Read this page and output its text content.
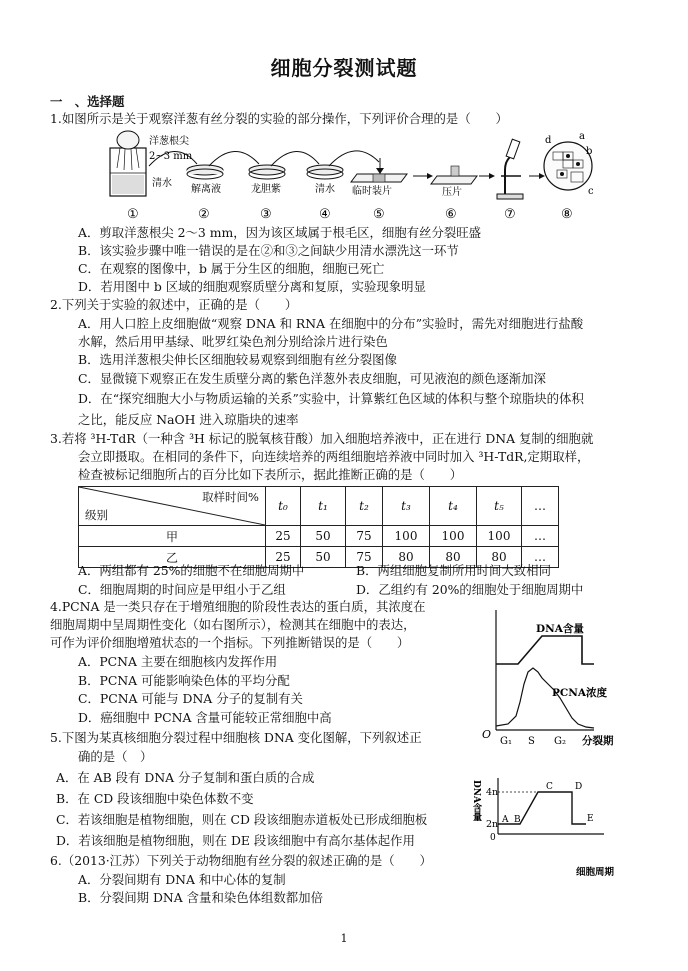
细胞分裂测试题
一　、选择题
1.如图所示是关于观察洋葱有丝分裂的实验的部分操作，下列评价合理的是（　　）
洋葱根尖
2~3 mm
清水
解离液	龙胆紫	清水 临时装片	压片
a
b
c
d
①	②	③	④	⑤	⑥	⑦	⑧
A．剪取洋葱根尖 2～3 mm，因为该区域属于根毛区，细胞有丝分裂旺盛
B．该实验步骤中唯一错误的是在②和③之间缺少用清水漂洗这一环节
C．在观察的图像中，b 属于分生区的细胞，细胞已死亡
D．若用图中 b 区域的细胞观察质壁分离和复原，实验现象明显
2.下列关于实验的叙述中，正确的是（　　）
A．用人口腔上皮细胞做“观察 DNA 和 RNA 在细胞中的分布”实验时，需先对细胞进行盐酸
水解，然后用甲基绿、吡罗红染色剂分别给涂片进行染色
B．选用洋葱根尖伸长区细胞较易观察到细胞有丝分裂图像
C．显微镜下观察正在发生质壁分离的紫色洋葱外表皮细胞，可见液泡的颜色逐渐加深
D．在“探究细胞大小与物质运输的关系”实验中，计算紫红色区域的体积与整个琼脂块的体积
之比，能反应 NaOH 进入琼脂块的速率
3.若将 ³H-TdR（一种含 ³H 标记的脱氧核苷酸）加入细胞培养液中，正在进行 DNA 复制的细胞就
会立即摄取。在相同的条件下，向连续培养的两组细胞培养液中同时加入 ³H-TdR,定期取样，
检查被标记细胞所占的百分比如下表所示，据此推断正确的是（　　）
取样时间%
级别	t₀	t₁	t₂	t₃	t₄	t₅	…
甲	25	50	75	100	100	100	…
乙	25	50	75	80	80	80	…
A．两组都有 25%的细胞不在细胞周期中	B．两组细胞复制所用时间大致相同
C．细胞周期的时间应是甲组小于乙组	D．乙组约有 20%的细胞处于细胞周期中
4.PCNA 是一类只存在于增殖细胞的阶段性表达的蛋白质，其浓度在
细胞周期中呈周期性变化（如右图所示），检测其在细胞中的表达，
可作为评价细胞增殖状态的一个指标。下列推断错误的是（　　）
A．PCNA 主要在细胞核内发挥作用
B．PCNA 可能影响染色体的平均分配
C．PCNA 可能与 DNA 分子的复制有关
D．癌细胞中 PCNA 含量可能较正常细胞中高
DNA含量
PCNA浓度
O
G₁ S G₂ 分裂期
5.下图为某真核细胞分裂过程中细胞核 DNA 变化图解，下列叙述正
确的是（　）
A．在 AB 段有 DNA 分子复制和蛋白质的合成
B．在 CD 段该细胞中染色体数不变
C．若该细胞是植物细胞，则在 CD 段该细胞赤道板处已形成细胞板
D．若该细胞是植物细胞，则在 DE 段该细胞中有高尔基体起作用
DNA含量 4n
2n
0
A B
C D
E
细胞周期
6.（2013·江苏）下列关于动物细胞有丝分裂的叙述正确的是（　　）
A．分裂间期有 DNA 和中心体的复制
B．分裂间期 DNA 含量和染色体组数都加倍
1
